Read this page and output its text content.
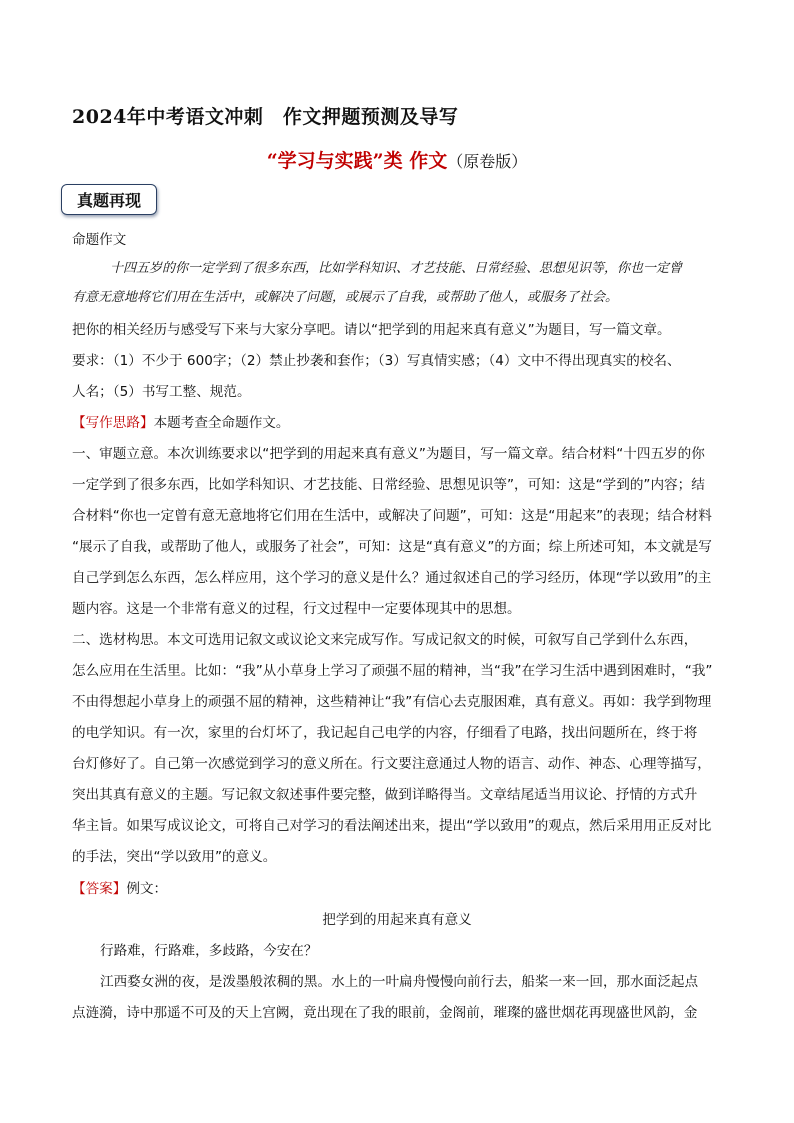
2024年中考语文冲刺　作文押题预测及导写
“学习与实践”类 作文（原卷版）
真题再现
命题作文
十四五岁的你一定学到了很多东西，比如学科知识、才艺技能、日常经验、思想见识等，你也一定曾
有意无意地将它们用在生活中，或解决了问题，或展示了自我，或帮助了他人，或服务了社会。
把你的相关经历与感受写下来与大家分享吧。请以“把学到的用起来真有意义”为题目，写一篇文章。
要求：（1）不少于 600字；（2）禁止抄袭和套作；（3）写真情实感；（4）文中不得出现真实的校名、
人名；（5）书写工整、规范。
【写作思路】本题考查全命题作文。
一、审题立意。本次训练要求以“把学到的用起来真有意义”为题目，写一篇文章。结合材料“十四五岁的你
一定学到了很多东西，比如学科知识、才艺技能、日常经验、思想见识等”，可知：这是“学到的”内容；结
合材料“你也一定曾有意无意地将它们用在生活中，或解决了问题”，可知：这是“用起来”的表现；结合材料
“展示了自我，或帮助了他人，或服务了社会”，可知：这是“真有意义”的方面；综上所述可知，本文就是写
自己学到怎么东西，怎么样应用，这个学习的意义是什么？通过叙述自己的学习经历，体现“学以致用”的主
题内容。这是一个非常有意义的过程，行文过程中一定要体现其中的思想。
二、选材构思。本文可选用记叙文或议论文来完成写作。写成记叙文的时候，可叙写自己学到什么东西，
怎么应用在生活里。比如：“我”从小草身上学习了顽强不屈的精神，当“我”在学习生活中遇到困难时，“我”
不由得想起小草身上的顽强不屈的精神，这些精神让“我”有信心去克服困难，真有意义。再如：我学到物理
的电学知识。有一次，家里的台灯坏了，我记起自己电学的内容，仔细看了电路，找出问题所在，终于将
台灯修好了。自己第一次感觉到学习的意义所在。行文要注意通过人物的语言、动作、神态、心理等描写，
突出其真有意义的主题。写记叙文叙述事件要完整，做到详略得当。文章结尾适当用议论、抒情的方式升
华主旨。如果写成议论文，可将自己对学习的看法阐述出来，提出“学以致用”的观点，然后采用用正反对比
的手法，突出“学以致用”的意义。
【答案】例文：
把学到的用起来真有意义
行路难，行路难，多歧路，今安在？
江西婺女洲的夜，是泼墨般浓稠的黑。水上的一叶扁舟慢慢向前行去，船桨一来一回，那水面泛起点
点涟漪，诗中那遥不可及的天上宫阙，竟出现在了我的眼前，金阁前，璀璨的盛世烟花再现盛世风韵，金
